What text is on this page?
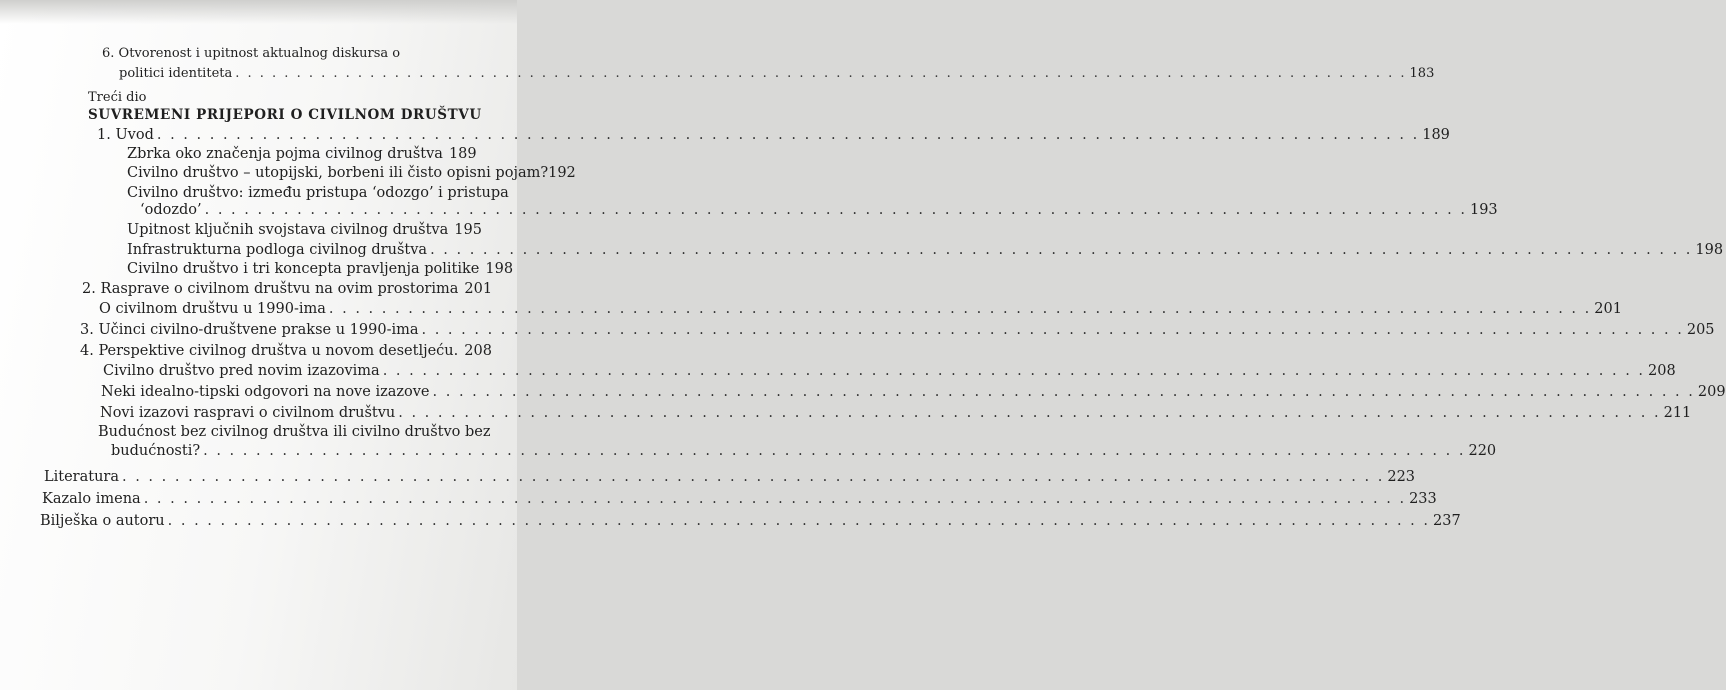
6. Otvorenost i upitnost aktualnog diskursa o
politici identiteta . . .	183
Treći dio
SUVREMENI PRIJEPORI O CIVILNOM DRUŠTVU
1. Uvod . . .	189
Zbrka oko značenja pojma civilnog društva 189
Civilno društvo – utopijski, borbeni ili čisto opisni pojam? 192
Civilno društvo: između pristupa ‘odozgo’ i pristupa
‘odozdo’ . . .	193
Upitnost ključnih svojstava civilnog društva 195
Infrastrukturna podloga civilnog društva . . .	198
Civilno društvo i tri koncepta pravljenja politike 198
2. Rasprave o civilnom društvu na ovim prostorima 201
O civilnom društvu u 1990-ima . . .	201
3. Učinci civilno-društvene prakse u 1990-ima . . .	205
4. Perspektive civilnog društva u novom desetljeću. 208
Civilno društvo pred novim izazovima . . .	208
Neki idealno-tipski odgovori na nove izazove . . .	209
Novi izazovi raspravi o civilnom društvu . . .	211
Budućnost bez civilnog društva ili civilno društvo bez
budućnosti? . . .	220
Literatura . . .	223
Kazalo imena . . .	233
Bilješka o autoru . . .	237
